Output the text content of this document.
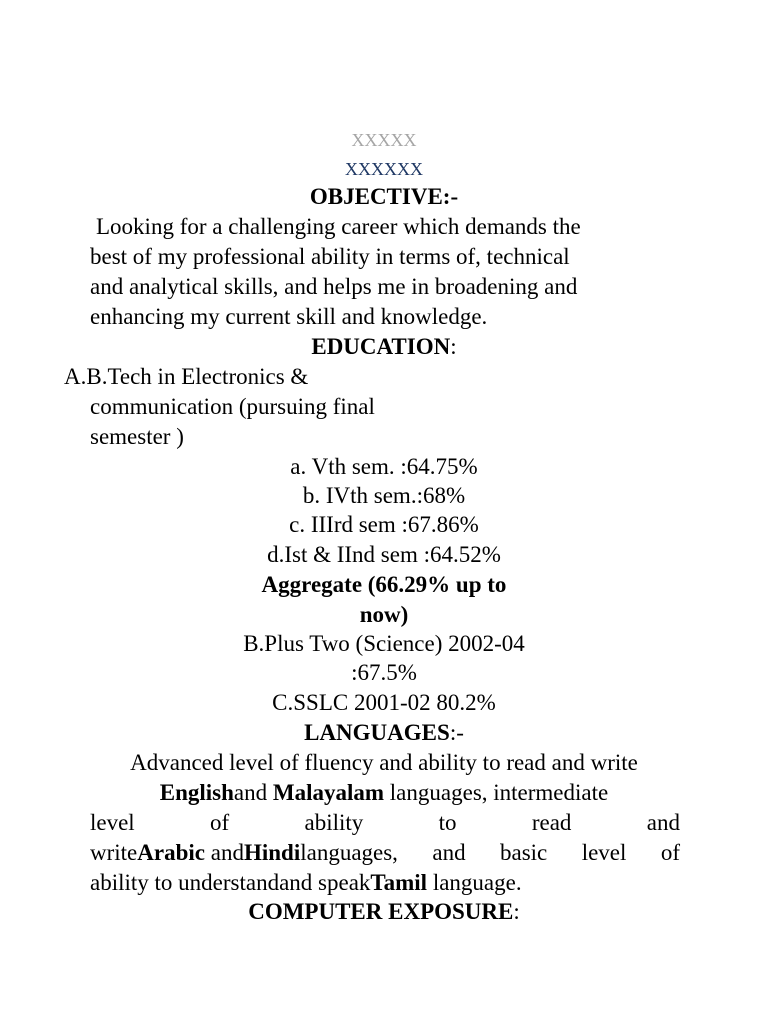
XXXXX
XXXXXX
OBJECTIVE:-
Looking for a challenging career which demands the
best of my professional ability in terms of, technical
and analytical skills, and helps me in broadening and
enhancing my current skill and knowledge.
EDUCATION:
A.B.Tech in Electronics &
communication (pursuing final
semester )
a. Vth sem. :64.75%
b. IVth sem.:68%
c. IIIrd sem :67.86%
d.Ist & IInd sem :64.52%
Aggregate (66.29% up to
now)
B.Plus Two (Science) 2002-04
:67.5%
C.SSLC 2001-02 80.2%
LANGUAGES:-
Advanced level of fluency and ability to read and write
Englishand Malayalam languages, intermediate
level	of	ability	to	read	and
writeArabic andHindilanguages, and basic level of
ability to understandand speakTamil language.
COMPUTER EXPOSURE:
